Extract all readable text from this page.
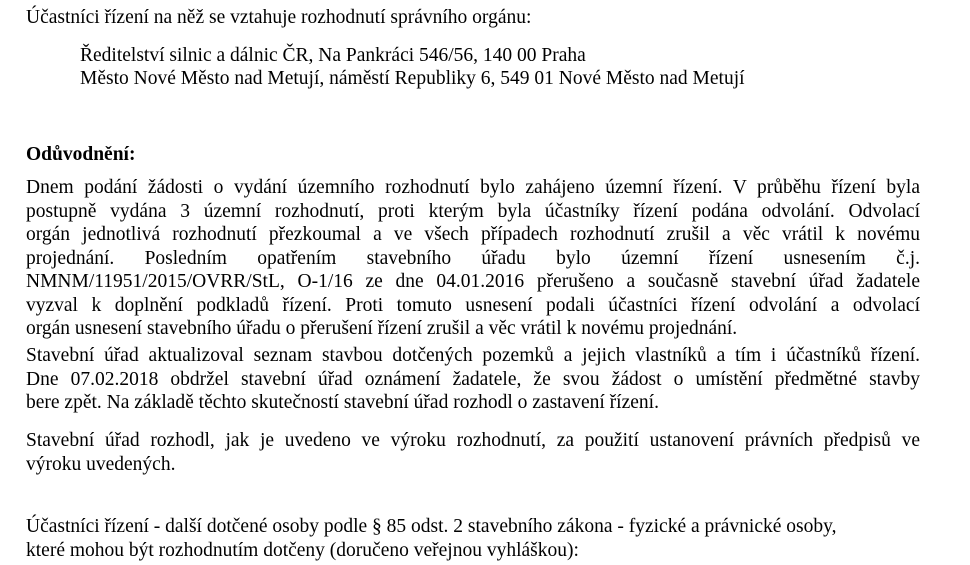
Účastníci řízení na něž se vztahuje rozhodnutí správního orgánu:
Ředitelství silnic a dálnic ČR, Na Pankráci 546/56, 140 00 Praha
Město Nové Město nad Metují, náměstí Republiky 6, 549 01 Nové Město nad Metují
Odůvodnění:
Dnem podání žádosti o vydání územního rozhodnutí bylo zahájeno územní řízení. V průběhu řízení byla
postupně vydána 3 územní rozhodnutí, proti kterým byla účastníky řízení podána odvolání. Odvolací
orgán jednotlivá rozhodnutí přezkoumal a ve všech případech rozhodnutí zrušil a věc vrátil k novému
projednání. Posledním opatřením stavebního úřadu bylo územní řízení usnesením č.j.
NMNM/11951/2015/OVRR/StL, O-1/16 ze dne 04.01.2016 přerušeno a současně stavební úřad žadatele
vyzval k doplnění podkladů řízení. Proti tomuto usnesení podali účastníci řízení odvolání a odvolací
orgán usnesení stavebního úřadu o přerušení řízení zrušil a věc vrátil k novému projednání.
Stavební úřad aktualizoval seznam stavbou dotčených pozemků a jejich vlastníků a tím i účastníků řízení.
Dne 07.02.2018 obdržel stavební úřad oznámení žadatele, že svou žádost o umístění předmětné stavby
bere zpět. Na základě těchto skutečností stavební úřad rozhodl o zastavení řízení.
Stavební úřad rozhodl, jak je uvedeno ve výroku rozhodnutí, za použití ustanovení právních předpisů ve
výroku uvedených.
Účastníci řízení - další dotčené osoby podle § 85 odst. 2 stavebního zákona - fyzické a právnické osoby,
které mohou být rozhodnutím dotčeny (doručeno veřejnou vyhláškou):
